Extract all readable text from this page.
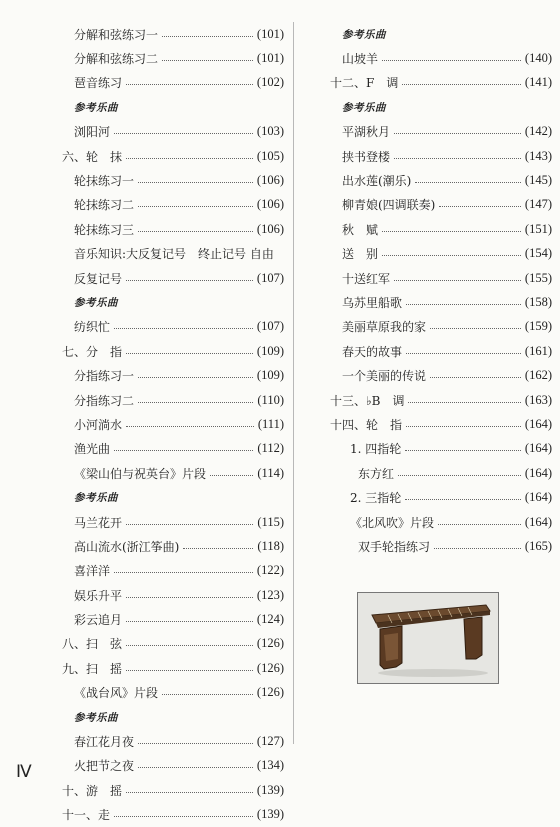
分解和弦练习一	(101)
分解和弦练习二	(101)
琶音练习	(102)
参考乐曲
浏阳河	(103)
六、轮　抹	(105)
轮抹练习一	(106)
轮抹练习二	(106)
轮抹练习三	(106)
音乐知识:大反复记号　终止记号 自由
反复记号	(107)
参考乐曲
纺织忙	(107)
七、分　指	(109)
分指练习一	(109)
分指练习二	(110)
小河淌水	(111)
渔光曲	(112)
《梁山伯与祝英台》片段	(114)
参考乐曲
马兰花开	(115)
高山流水(浙江筝曲)	(118)
喜洋洋	(122)
娱乐升平	(123)
彩云追月	(124)
八、扫　弦	(126)
九、扫　摇	(126)
《战台风》片段	(126)
参考乐曲
春江花月夜	(127)
火把节之夜	(134)
十、游　摇	(139)
十一、走	(139)
参考乐曲
山坡羊	(140)
十二、F　调	(141)
参考乐曲
平湖秋月	(142)
挟书登楼	(143)
出水莲(潮乐)	(145)
柳青娘(四调联奏)	(147)
秋　赋	(151)
送　别	(154)
十送红军	(155)
乌苏里船歌	(158)
美丽草原我的家	(159)
春天的故事	(161)
一个美丽的传说	(162)
十三、♭B　调	(163)
十四、轮　指	(164)
1. 四指轮	(164)
东方红	(164)
2. 三指轮	(164)
《北风吹》片段	(164)
双手轮指练习	(165)
Ⅳ
